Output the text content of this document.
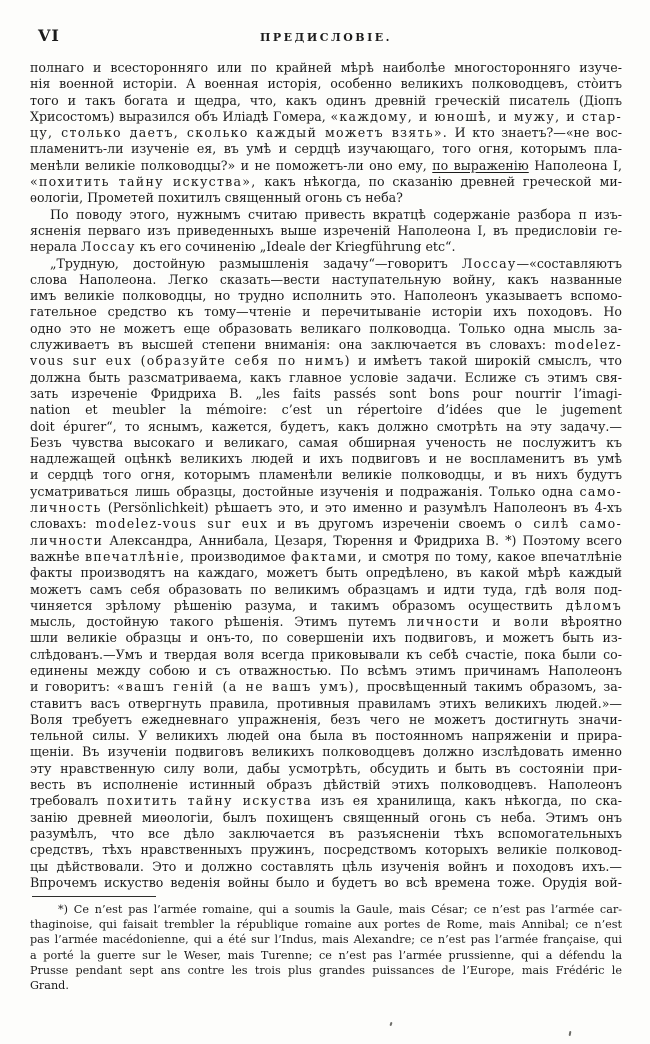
VI	ПРЕДИСЛОВІЕ.
полнаго и всесторонняго или по крайней мѣрѣ наиболѣе многосторонняго изуче-
нія военной исторіи. А военная исторія, особенно великихъ полководцевъ, сто̀итъ
того и такъ богата и щедра, что, какъ одинъ древній греческій писатель (Діопъ
Хрисостомъ) выразился объ Иліадѣ Гомера, «каждому, и юношѣ, и мужу, и стар-
цу, столько даетъ, сколько каждый можетъ взять». И кто знаетъ?—«не вос-
пламенитъ-ли изученіе ея, въ умѣ и сердцѣ изучающаго, того огня, которымъ пла-
менѣли великіе полководцы?» и не поможетъ-ли оно ему, по выраженію Наполеона I,
«похитить тайну искуства», какъ нѣкогда, по сказанію древней греческой ми-
ѳологіи, Прометей похитилъ священный огонь съ неба?
По поводу этого, нужнымъ считаю привесть вкратцѣ содержаніе разбора п изъ-
ясненія перваго изъ приведенныхъ выше изреченій Наполеона I, въ предисловіи ге-
нерала Лоссау къ его сочиненію „Ideale der Kriegführung etc“.
„Трудную, достойную размышленія задачу“—говоритъ Лоссау—«составляютъ
слова Наполеона. Легко сказать—вести наступательную войну, какъ названные
имъ великіе полководцы, но трудно исполнить это. Наполеонъ указываетъ вспомо-
гательное средство къ тому—чтеніе и перечитываніе исторіи ихъ походовъ. Но
одно это не можетъ еще образовать великаго полководца. Только одна мысль за-
служиваетъ въ высшей степени вниманія: она заключается въ словахъ: modelez-
vous sur eux (образуйте себя по нимъ) и имѣетъ такой широкій смыслъ, что
должна быть разсматриваема, какъ главное условіе задачи. Еслиже съ этимъ свя-
зать изреченіе Фридриха В. „les faits passés sont bons pour nourrir l’imagi-
nation et meubler la mémoire: c’est un répertoire d’idées que le jugement
doit épurer“, то яснымъ, кажется, будетъ, какъ должно смотрѣть на эту задачу.—
Безъ чувства высокаго и великаго, самая обширная ученость не послужитъ къ
надлежащей оцѣнкѣ великихъ людей и ихъ подвиговъ и не воспламенитъ въ умѣ
и сердцѣ того огня, которымъ пламенѣли великіе полководцы, и въ нихъ будутъ
усматриваться лишь образцы, достойные изученія и подражанія. Только одна само-
личность (Persönlichkeit) рѣшаетъ это, и это именно и разумѣлъ Наполеонъ въ 4-хъ
словахъ: modelez-vous sur eux и въ другомъ изреченіи своемъ о силѣ само-
личности Александра, Аннибала, Цезаря, Тюрення и Фридриха В. *) Поэтому всего
важнѣе впечатлѣніе, производимое фактами, и смотря по тому, какое впечатлѣніе
факты производятъ на каждаго, можетъ быть опредѣлено, въ какой мѣрѣ каждый
можетъ самъ себя образовать по великимъ образцамъ и идти туда, гдѣ воля под-
чиняется зрѣлому рѣшенію разума, и такимъ образомъ осуществить дѣломъ
мысль, достойную такого рѣшенія. Этимъ путемъ личности и воли вѣроятно
шли великіе образцы и онъ-то, по совершеніи ихъ подвиговъ, и можетъ быть из-
слѣдованъ.—Умъ и твердая воля всегда приковывали къ себѣ счастіе, пока были со-
единены между собою и съ отважностью. По всѣмъ этимъ причинамъ Наполеонъ
и говоритъ: «вашъ геній (а не вашъ умъ), просвѣщенный такимъ образомъ, за-
ставитъ васъ отвергнуть правила, противныя правиламъ этихъ великихъ людей.»—
Воля требуетъ ежедневнаго упражненія, безъ чего не можетъ достигнуть значи-
тельной силы. У великихъ людей она была въ постоянномъ напряженіи и прира-
щеніи. Въ изученіи подвиговъ великихъ полководцевъ должно изслѣдовать именно
эту нравственную силу воли, дабы усмотрѣть, обсудить и быть въ состояніи при-
весть въ исполненіе истинный образъ дѣйствій этихъ полководцевъ. Наполеонъ
требовалъ похитить тайну искуства изъ ея хранилища, какъ нѣкогда, по ска-
занію древней миѳологіи, былъ похищенъ священный огонь съ неба. Этимъ онъ
разумѣлъ, что все дѣло заключается въ разъясненіи тѣхъ вспомогательныхъ
средствъ, тѣхъ нравственныхъ пружинъ, посредствомъ которыхъ великіе полковод-
цы дѣйствовали. Это и должно составлять цѣль изученія войнъ и походовъ ихъ.—
Впрочемъ искуство веденія войны было и будетъ во всѣ времена тоже. Орудія вой-
*) Ce n’est pas l’armée romaine, qui a soumis la Gaule, mais César; ce n’est pas l’armée car-
thaginoise, qui faisait trembler la république romaine aux portes de Rome, mais Annibal; ce n’est
pas l’armée macédonienne, qui a été sur l’Indus, mais Alexandre; ce n’est pas l’armée française, qui
a porté la guerre sur le Weser, mais Turenne; ce n’est pas l’armée prussienne, qui a défendu la
Prusse pendant sept ans contre les trois plus grandes puissances de l’Europe, mais Frédéric le
Grand.
